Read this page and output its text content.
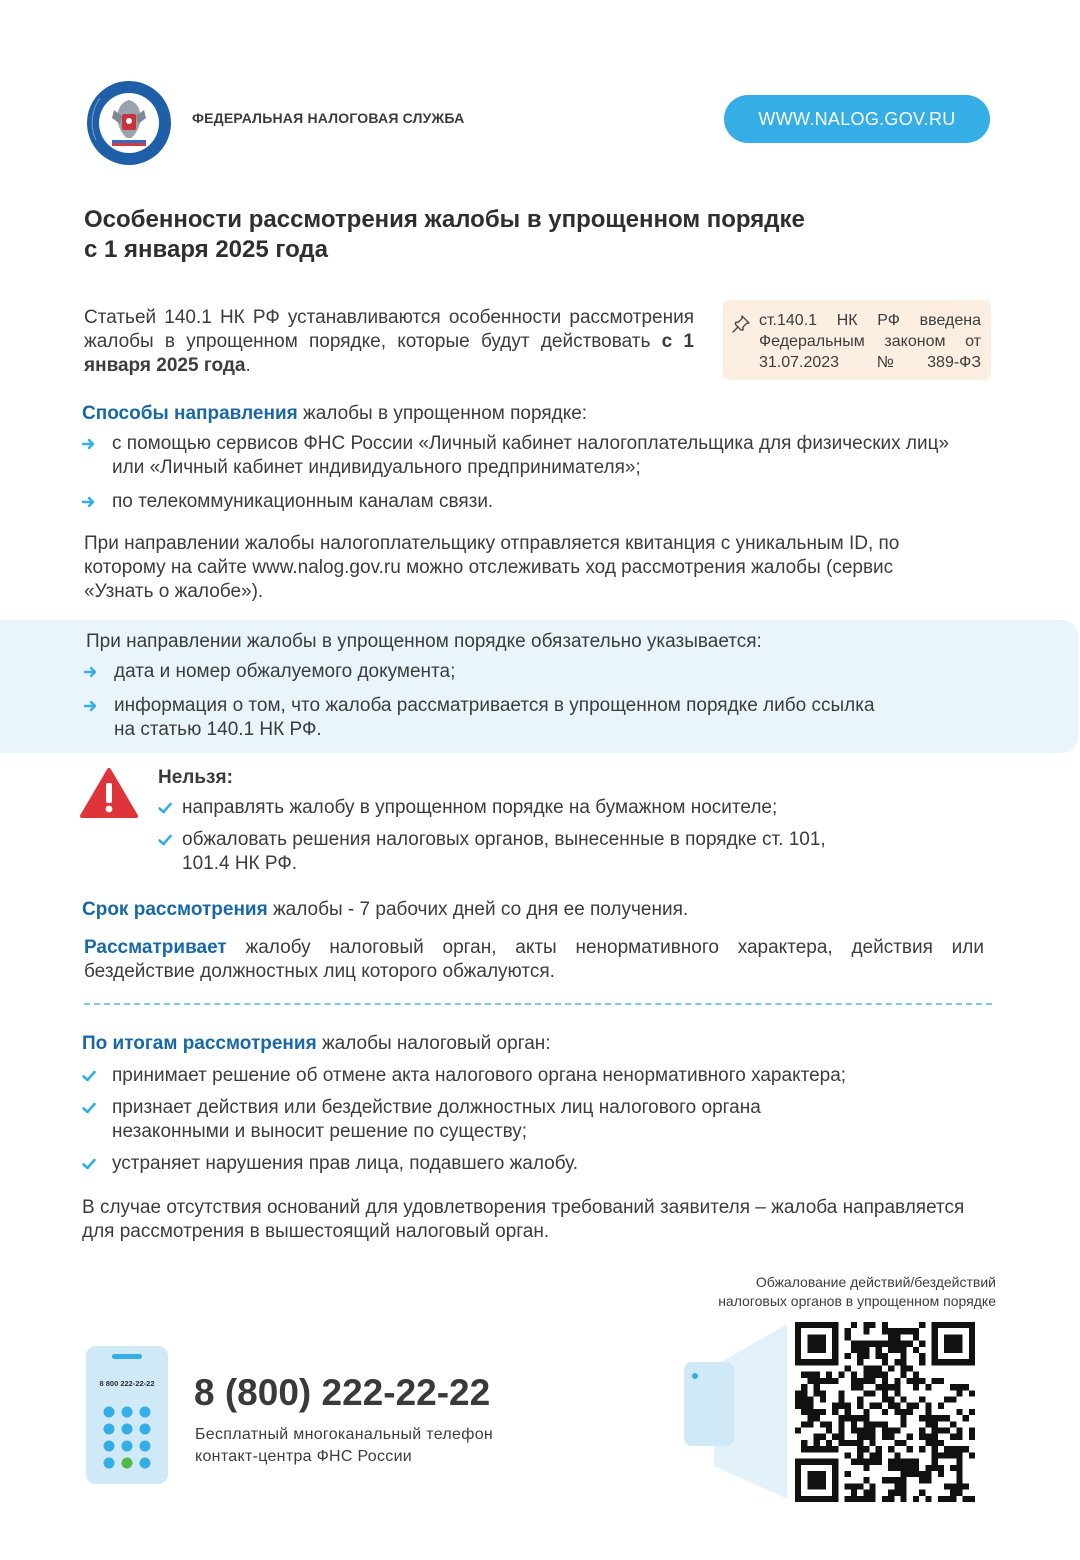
ФЕДЕРАЛЬНАЯ НАЛОГОВАЯ СЛУЖБА	WWW.NALOG.GOV.RU
Особенности рассмотрения жалобы в упрощенном порядке
с 1 января 2025 года
Статьей 140.1 НК РФ устанавливаются особенности рассмотрения жалобы в упрощенном порядке, которые будут действовать с 1 января 2025 года.
ст.140.1 НК РФ введена Федеральным законом от 31.07.2023 №389-ФЗ
Способы направления жалобы в упрощенном порядке:
с помощью сервисов ФНС России «Личный кабинет налогоплательщика для физических лиц» или «Личный кабинет индивидуального предпринимателя»;
по телекоммуникационным каналам связи.
При направлении жалобы налогоплательщику отправляется квитанция с уникальным ID, по которому на сайте www.nalog.gov.ru можно отслеживать ход рассмотрения жалобы (сервис «Узнать о жалобе»).
При направлении жалобы в упрощенном порядке обязательно указывается:
дата и номер обжалуемого документа;
информация о том, что жалоба рассматривается в упрощенном порядке либо ссылка на статью 140.1 НК РФ.
Нельзя:
направлять жалобу в упрощенном порядке на бумажном носителе;
обжаловать решения налоговых органов, вынесенные в порядке ст. 101, 101.4 НК РФ.
Срок рассмотрения жалобы - 7 рабочих дней со дня ее получения.
Рассматривает жалобу налоговый орган, акты ненормативного характера, действия или бездействие должностных лиц которого обжалуются.
По итогам рассмотрения жалобы налоговый орган:
принимает решение об отмене акта налогового органа ненормативного характера;
признает действия или бездействие должностных лиц налогового органа незаконными и выносит решение по существу;
устраняет нарушения прав лица, подавшего жалобу.
В случае отсутствия оснований для удовлетворения требований заявителя – жалоба направляется для рассмотрения в вышестоящий налоговый орган.
8 800 222-22-22 8 (800) 222-22-22
Бесплатный многоканальный телефон
контакт-центра ФНС России
Обжалование действий/бездействий
налоговых органов в упрощенном порядке
